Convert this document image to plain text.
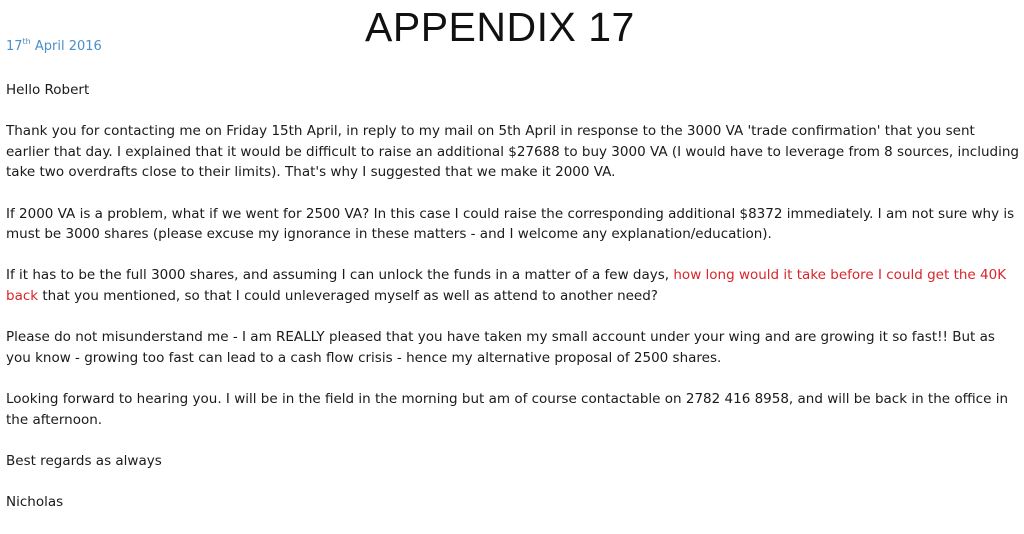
APPENDIX 17
17th April 2016

Hello Robert

Thank you for contacting me on Friday 15th April, in reply to my mail on 5th April in response to the 3000 VA 'trade confirmation' that you sent earlier that day. I explained that it would be difficult to raise an additional $27688 to buy 3000 VA (I would have to leverage from 8 sources, including take two overdrafts close to their limits). That's why I suggested that we make it 2000 VA.

If 2000 VA is a problem, what if we went for 2500 VA? In this case I could raise the corresponding additional $8372 immediately. I am not sure why is must be 3000 shares (please excuse my ignorance in these matters - and I welcome any explanation/education).

If it has to be the full 3000 shares, and assuming I can unlock the funds in a matter of a few days, how long would it take before I could get the 40K back that you mentioned, so that I could unleveraged myself as well as attend to another need?

Please do not misunderstand me - I am REALLY pleased that you have taken my small account under your wing and are growing it so fast!! But as you know - growing too fast can lead to a cash flow crisis - hence my alternative proposal of 2500 shares.

Looking forward to hearing you. I will be in the field in the morning but am of course contactable on 2782 416 8958, and will be back in the office in the afternoon.

Best regards as always

Nicholas
